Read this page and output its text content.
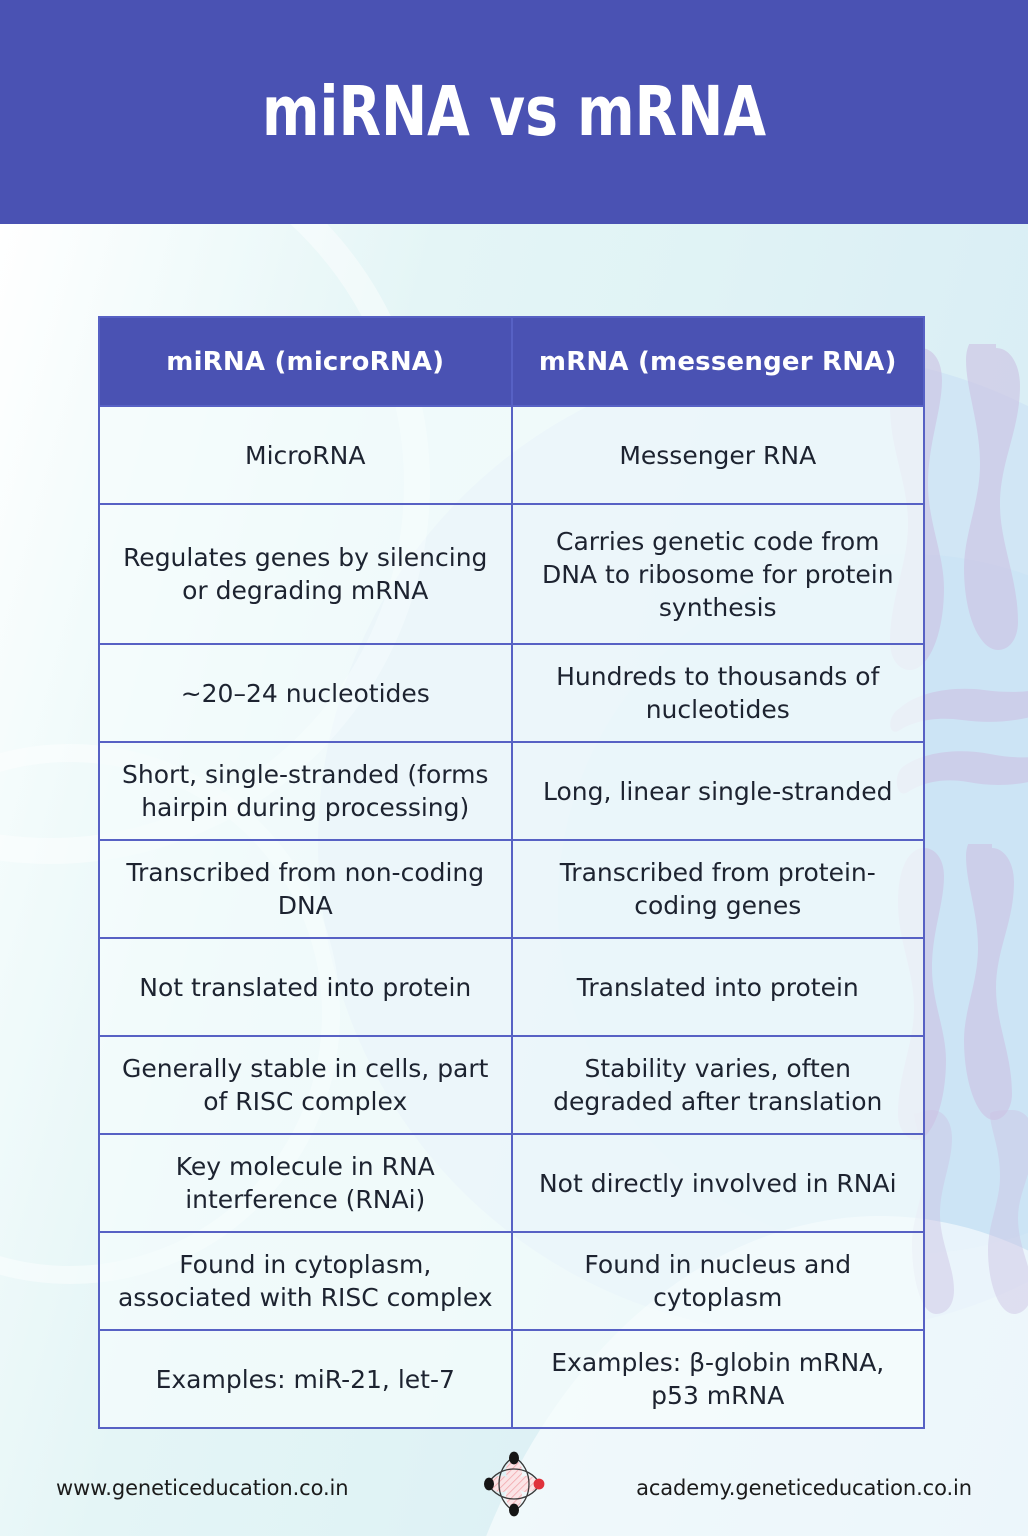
miRNA vs mRNA
miRNA (microRNA)	mRNA (messenger RNA)
MicroRNA	Messenger RNA
Regulates genes by silencing or degrading mRNA	Carries genetic code from DNA to ribosome for protein synthesis
~20–24 nucleotides	Hundreds to thousands of nucleotides
Short, single-stranded (forms hairpin during processing)	Long, linear single-stranded
Transcribed from non-coding DNA	Transcribed from protein-coding genes
Not translated into protein	Translated into protein
Generally stable in cells, part of RISC complex	Stability varies, often degraded after translation
Key molecule in RNA interference (RNAi)	Not directly involved in RNAi
Found in cytoplasm, associated with RISC complex	Found in nucleus and cytoplasm
Examples: miR-21, let-7	Examples: β-globin mRNA, p53 mRNA
www.geneticeducation.co.in	academy.geneticeducation.co.in
